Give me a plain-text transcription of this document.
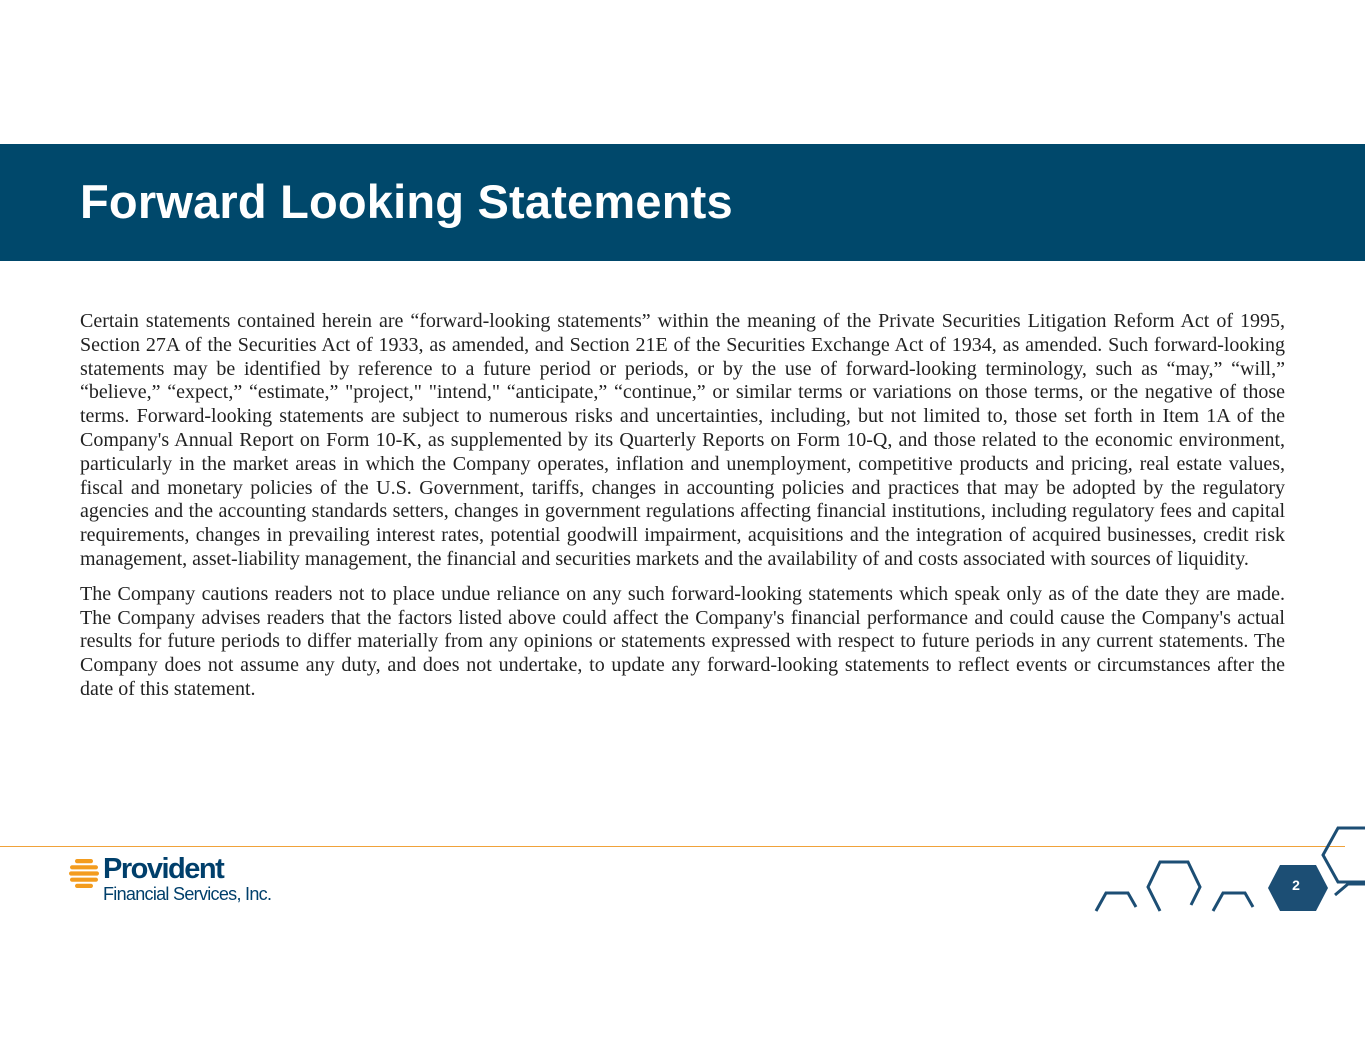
Forward Looking Statements

Certain statements contained herein are “forward-looking statements” within the meaning of the Private Securities Litigation Reform Act of 1995, Section 27A of the Securities Act of 1933, as amended, and Section 21E of the Securities Exchange Act of 1934, as amended. Such forward-looking statements may be identified by reference to a future period or periods, or by the use of forward-looking terminology, such as “may,” “will,” “believe,” “expect,” “estimate,” "project," "intend," “anticipate,” “continue,” or similar terms or variations on those terms, or the negative of those terms. Forward-looking statements are subject to numerous risks and uncertainties, including, but not limited to, those set forth in Item 1A of the Company's Annual Report on Form 10-K, as supplemented by its Quarterly Reports on Form 10-Q, and those related to the economic environment, particularly in the market areas in which the Company operates, inflation and unemployment, competitive products and pricing, real estate values, fiscal and monetary policies of the U.S. Government, tariffs, changes in accounting policies and practices that may be adopted by the regulatory agencies and the accounting standards setters, changes in government regulations affecting financial institutions, including regulatory fees and capital requirements, changes in prevailing interest rates, potential goodwill impairment, acquisitions and the integration of acquired businesses, credit risk management, asset-liability management, the financial and securities markets and the availability of and costs associated with sources of liquidity.

The Company cautions readers not to place undue reliance on any such forward-looking statements which speak only as of the date they are made. The Company advises readers that the factors listed above could affect the Company's financial performance and could cause the Company's actual results for future periods to differ materially from any opinions or statements expressed with respect to future periods in any current statements. The Company does not assume any duty, and does not undertake, to update any forward-looking statements to reflect events or circumstances after the date of this statement.

Provident
Financial Services, Inc.	2
